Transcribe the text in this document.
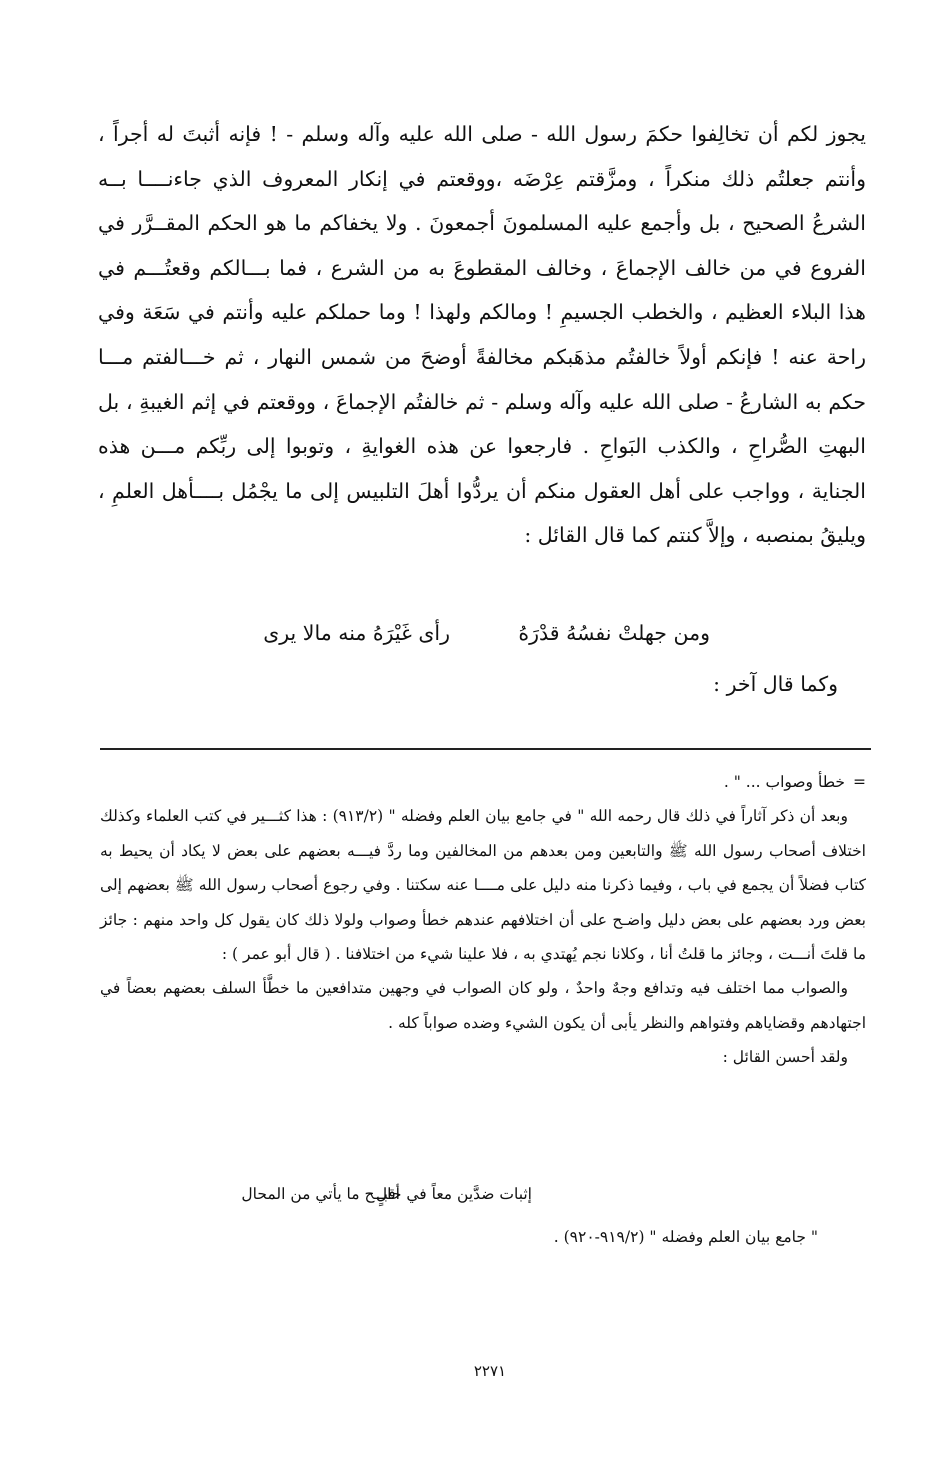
يجوز لكم أن تخالِفوا حكمَ رسول الله - صلى الله عليه وآله وسلم - ! فإنه أثبتَ له أجراً ، وأنتم جعلتُم ذلك منكراً ، ومزَّقتم عِرْضَه ،ووقعتم في إنكار المعروف الذي جاءنــــا بــه الشرعُ الصحيح ، بل وأجمع عليه المسلمونَ أجمعونَ . ولا يخفاكم ما هو الحكم المقــرَّر في الفروع في من خالف الإجماعَ ، وخالف المقطوعَ به من الشرع ، فما بـــالكم وقعتُـــم في هذا البلاء العظيم ، والخطب الجسيمِ ! ومالكم ولهذا ! وما حملكم عليه وأنتم في سَعَة وفي راحة عنه ! فإنكم أولاً خالفتُم مذهَبكم مخالفةً أوضحَ من شمس النهار ، ثم خـــالفتم مـــا حكم به الشارعُ - صلى الله عليه وآله وسلم - ثم خالفتُم الإجماعَ ، ووقعتم في إثم الغيبةِ ، بل البهتِ الصُّراحِ ، والكذب البَواحِ . فارجعوا عن هذه الغوايةِ ، وتوبوا إلى ربِّكم مـــن هذه الجناية ، وواجب على أهل العقول منكم أن يردُّوا أهلَ التلبيس إلى ما يجْمُل بــــأهل العلمِ ، ويليقُ بمنصبه ، وإلاَّ كنتم كما قال القائل :

ومن جهلتْ نفسُهُ قدْرَهُ
رأى غَيْرَهُ منه مالا يرى
وكما قال آخر :

=
خطأ وصواب ... " .

وبعد أن ذكر آثاراً في ذلك قال رحمه الله " في جامع بيان العلم وفضله " (٩١٣/٢) : هذا كثـــير في كتب العلماء وكذلك اختلاف أصحاب رسول الله ﷺ والتابعين ومن بعدهم من المخالفين وما ردَّ فيـــه بعضهم على بعض لا يكاد أن يحيط به كتاب فضلاً أن يجمع في باب ، وفيما ذكرنا منه دليل على مــــا عنه سكتنا . وفي رجوع أصحاب رسول الله ﷺ بعضهم إلى بعض ورد بعضهم على بعض دليل واضـح على أن اختلافهم عندهم خطأ وصواب ولولا ذلك كان يقول كل واحد منهم : جائز ما قلتَ أنـــت ، وجائز ما قلتُ أنا ، وكلانا نجم يُهتدي به ، فلا علينا شيء من اختلافنا . ( قال أبو عمر ) :

والصواب مما اختلف فيه وتدافع وجهٌ واحدٌ ، ولو كان الصواب في وجهين متدافعين ما خطَّأ السلف بعضهم بعضاً في اجتهادهم وقضاياهم وفتواهم والنظر يأبى أن يكون الشيء وضده صواباً كله .

ولقد أحسن القائل :

إثبات ضدَّين معاً في حالٍ
أقبــح ما يأتي من المحال
" جامع بيان العلم وفضله " (٩١٩/٢-٩٢٠) .
٢٢٧١
